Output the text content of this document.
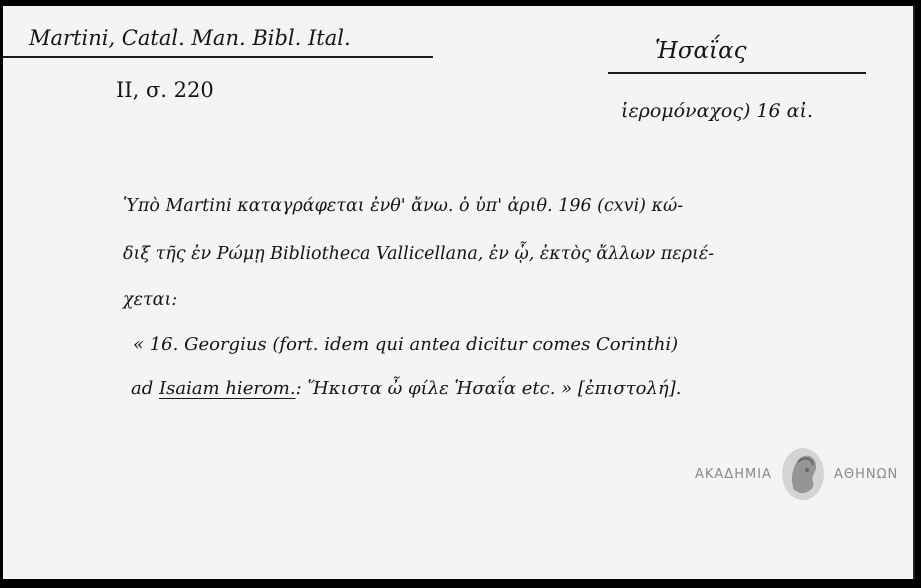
Martini, Catal. Man. Bibl. Ital.
II, σ. 220
Ἡσαΐας
ἱερομόναχος) 16 αἰ.
Ὑπὸ Martini καταγράφεται ἐνθ' ἄνω. ὁ ὑπ' ἀριθ. 196 (cxvi) κώ-
διξ τῆς ἐν Ρώμῃ Bibliotheca Vallicellana, ἐν ᾧ, ἐκτὸς ἄλλων περιέ-
χεται:
« 16. Georgius (fort. idem qui antea dicitur comes Corinthi)
ad Isaiam hierom.: Ἥκιστα ὦ φίλε Ἡσαΐα etc. » [ἐπιστολή].
ΑΚΑΔΗΜΙΑ	ΑΘΗΝΩΝ
